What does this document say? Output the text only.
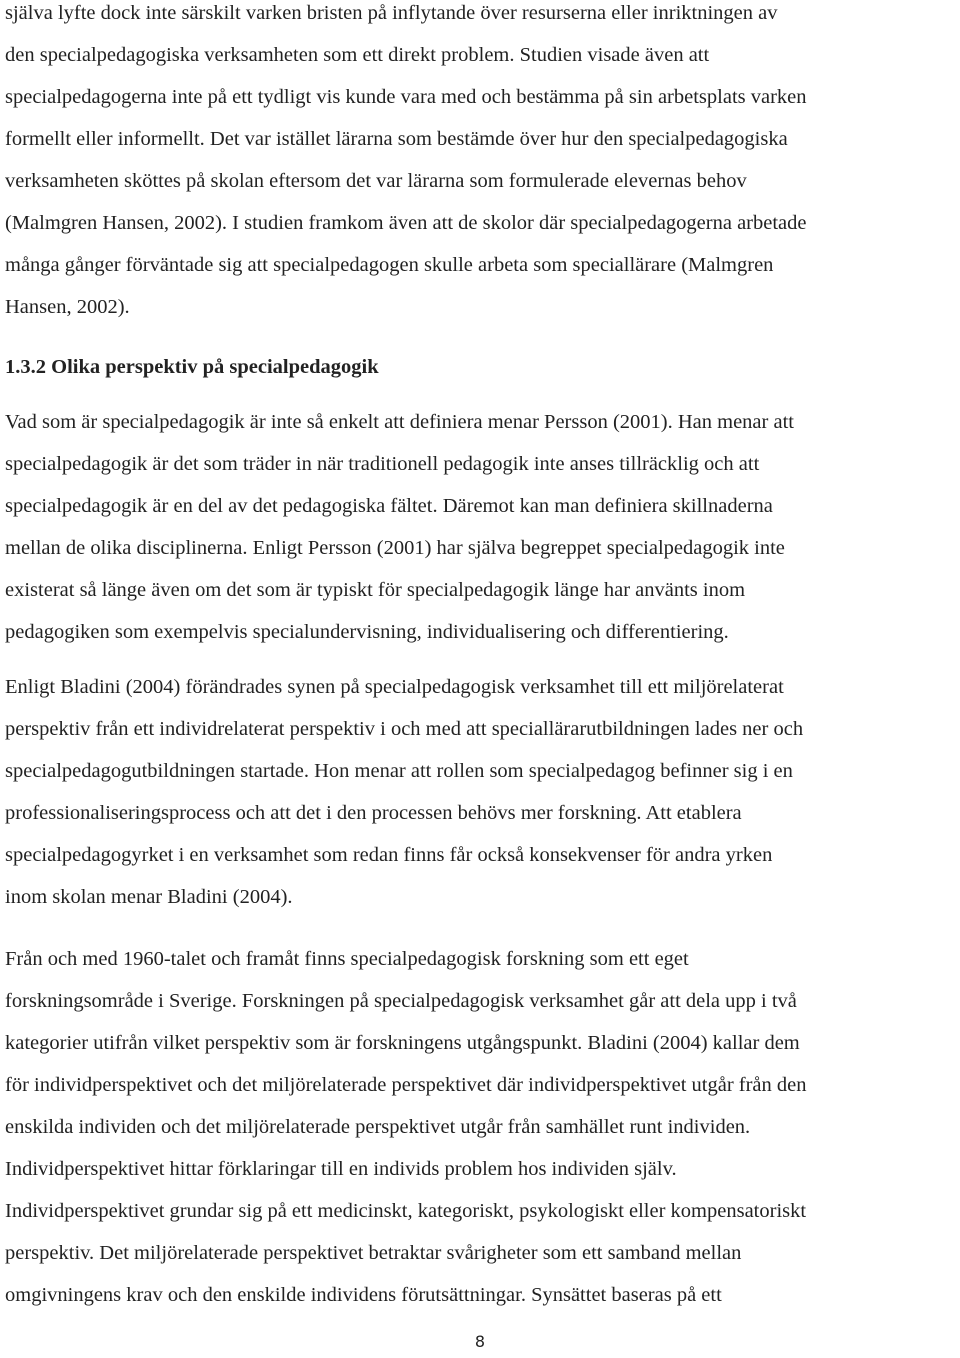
själva lyfte dock inte särskilt varken bristen på inflytande över resurserna eller inriktningen av
den specialpedagogiska verksamheten som ett direkt problem. Studien visade även att
specialpedagogerna inte på ett tydligt vis kunde vara med och bestämma på sin arbetsplats varken
formellt eller informellt. Det var istället lärarna som bestämde över hur den specialpedagogiska
verksamheten sköttes på skolan eftersom det var lärarna som formulerade elevernas behov
(Malmgren Hansen, 2002). I studien framkom även att de skolor där specialpedagogerna arbetade
många gånger förväntade sig att specialpedagogen skulle arbeta som speciallärare (Malmgren
Hansen, 2002).
1.3.2 Olika perspektiv på specialpedagogik
Vad som är specialpedagogik är inte så enkelt att definiera menar Persson (2001). Han menar att
specialpedagogik är det som träder in när traditionell pedagogik inte anses tillräcklig och att
specialpedagogik är en del av det pedagogiska fältet. Däremot kan man definiera skillnaderna
mellan de olika disciplinerna. Enligt Persson (2001) har själva begreppet specialpedagogik inte
existerat så länge även om det som är typiskt för specialpedagogik länge har använts inom
pedagogiken som exempelvis specialundervisning, individualisering och differentiering.
Enligt Bladini (2004) förändrades synen på specialpedagogisk verksamhet till ett miljörelaterat
perspektiv från ett individrelaterat perspektiv i och med att speciallärarutbildningen lades ner och
specialpedagogutbildningen startade. Hon menar att rollen som specialpedagog befinner sig i en
professionaliseringsprocess och att det i den processen behövs mer forskning. Att etablera
specialpedagogyrket i en verksamhet som redan finns får också konsekvenser för andra yrken
inom skolan menar Bladini (2004).
Från och med 1960-talet och framåt finns specialpedagogisk forskning som ett eget
forskningsområde i Sverige. Forskningen på specialpedagogisk verksamhet går att dela upp i två
kategorier utifrån vilket perspektiv som är forskningens utgångspunkt. Bladini (2004) kallar dem
för individperspektivet och det miljörelaterade perspektivet där individperspektivet utgår från den
enskilda individen och det miljörelaterade perspektivet utgår från samhället runt individen.
Individperspektivet hittar förklaringar till en individs problem hos individen själv.
Individperspektivet grundar sig på ett medicinskt, kategoriskt, psykologiskt eller kompensatoriskt
perspektiv. Det miljörelaterade perspektivet betraktar svårigheter som ett samband mellan
omgivningens krav och den enskilde individens förutsättningar. Synsättet baseras på ett
8
